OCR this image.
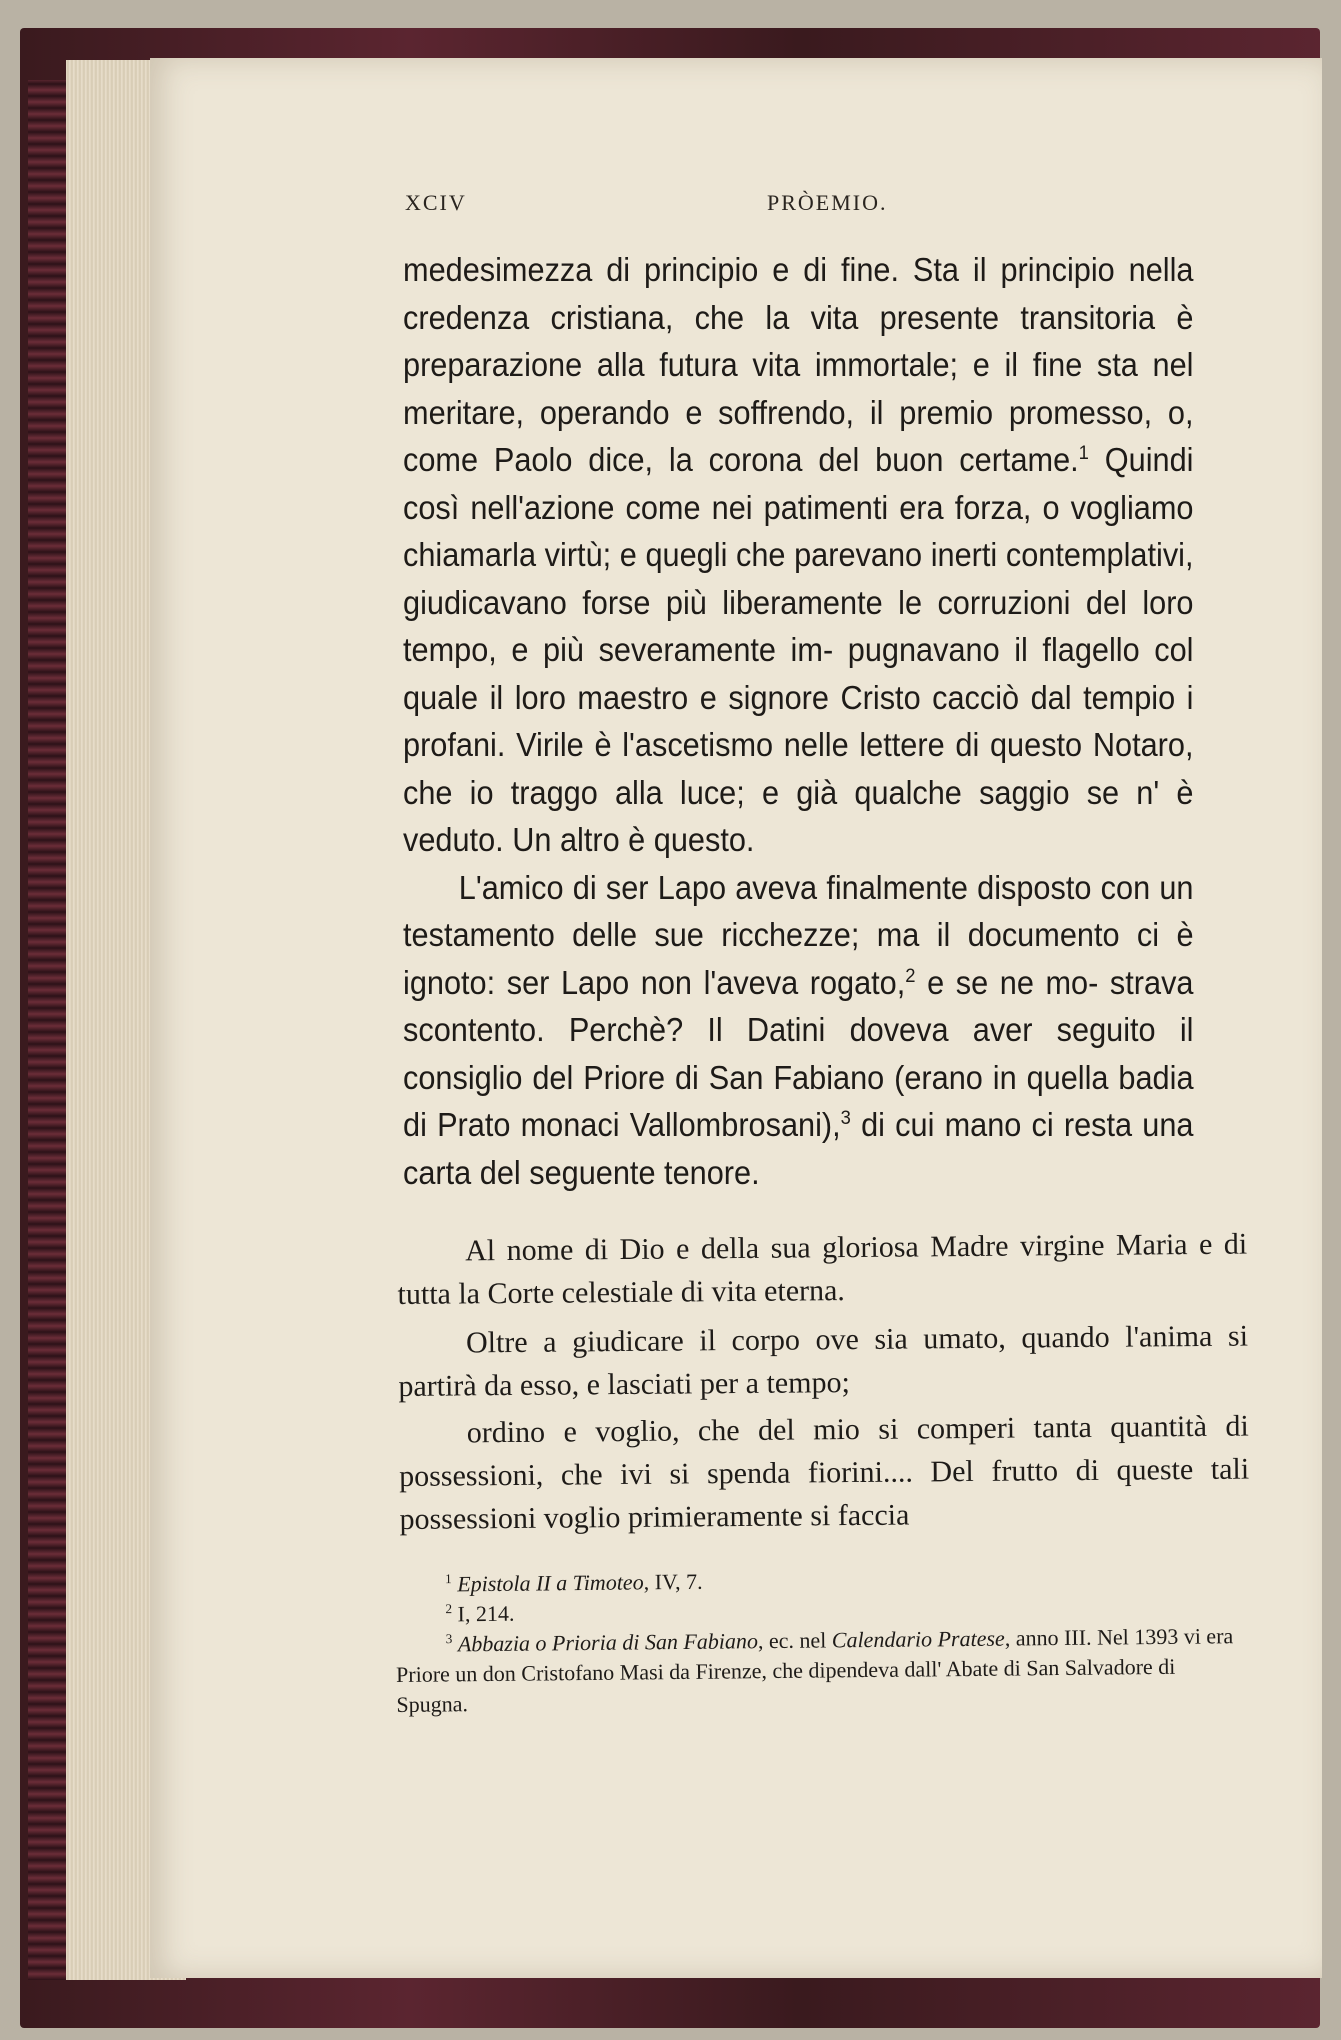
XCIV	PRÒEMIO.

medesimezza di principio e di fine. Sta il principio nella credenza cristiana, che la vita presente transitoria è preparazione alla futura vita immortale; e il fine sta nel meritare, operando e soffrendo, il premio promesso, o, come Paolo dice, la corona del buon certame.$^1$ Quindi così nell'azione come nei patimenti era forza, o vogliamo chiamarla virtù; e quegli che parevano inerti contemplativi, giudicavano forse più liberamente le corruzioni del loro tempo, e più severamente im- pugnavano il flagello col quale il loro maestro e signore Cristo cacciò dal tempio i profani. Virile è l'ascetismo nelle lettere di questo Notaro, che io traggo alla luce; e già qualche saggio se n' è veduto. Un altro è questo.

L'amico di ser Lapo aveva finalmente disposto con un testamento delle sue ricchezze; ma il documento ci è ignoto: ser Lapo non l'aveva rogato,$^2$ e se ne mo- strava scontento. Perchè? Il Datini doveva aver seguito il consiglio del Priore di San Fabiano (erano in quella badia di Prato monaci Vallombrosani),$^3$ di cui mano ci resta una carta del seguente tenore.

Al nome di Dio e della sua gloriosa Madre virgine Maria e di tutta la Corte celestiale di vita eterna.

Oltre a giudicare il corpo ove sia umato, quando l'anima si partirà da esso, e lasciati per a tempo;

ordino e voglio, che del mio si comperi tanta quantità di possessioni, che ivi si spenda fiorini.... Del frutto di queste tali possessioni voglio primieramente si faccia

$^1$ Epistola II a Timoteo, IV, 7.

$^2$ I, 214.

$^3$ Abbazia o Prioria di San Fabiano, ec. nel Calendario Pratese, anno III. Nel 1393 vi era Priore un don Cristofano Masi da Firenze, che dipendeva dall' Abate di San Salvadore di Spugna.
